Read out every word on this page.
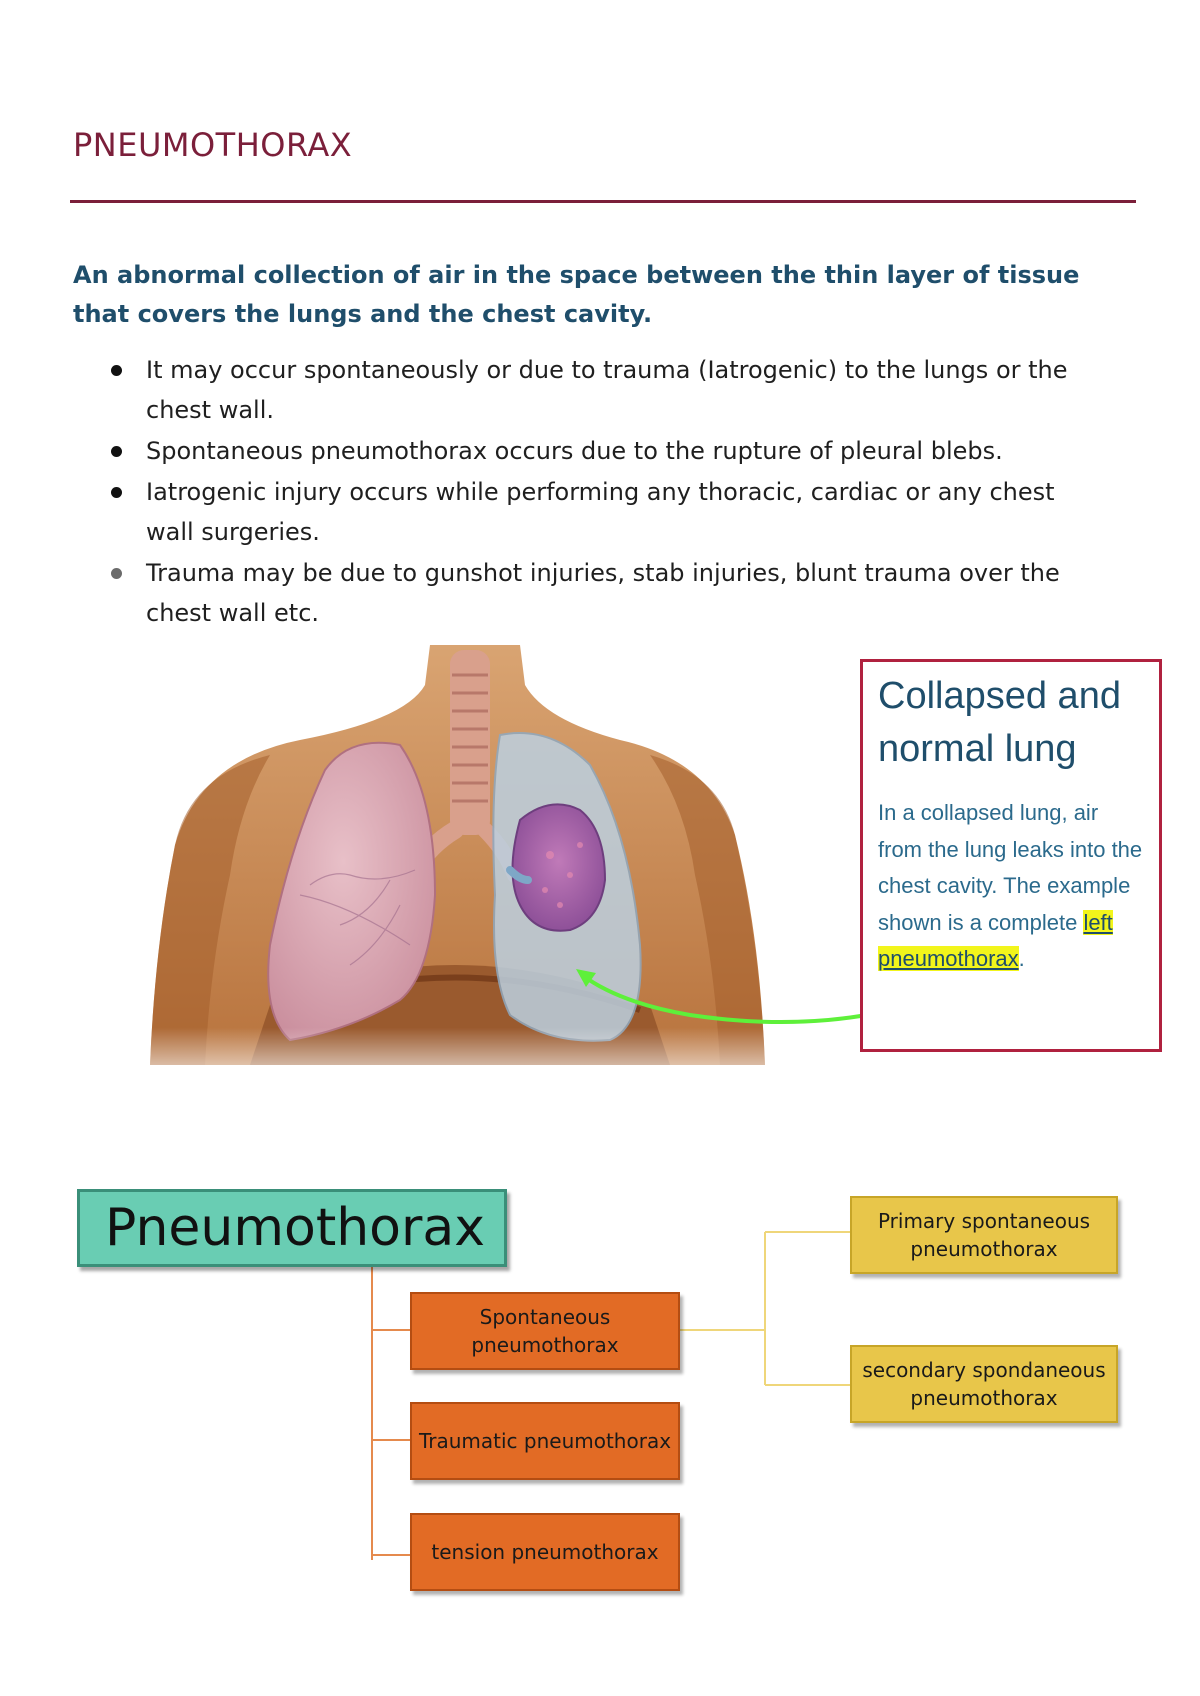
PNEUMOTHORAX

An abnormal collection of air in the space between the thin layer of tissue that covers the lungs and the chest cavity.

It may occur spontaneously or due to trauma (Iatrogenic) to the lungs or the chest wall.
Spontaneous pneumothorax occurs due to the rupture of pleural blebs.
Iatrogenic injury occurs while performing any thoracic, cardiac or any chest wall surgeries.
Trauma may be due to gunshot injuries, stab injuries, blunt trauma over the chest wall etc.
Collapsed and normal lung
In a collapsed lung, air from the lung leaks into the chest cavity. The example shown is a complete left pneumothorax.
Pneumothorax
Spontaneous pneumothorax
Traumatic pneumothorax
tension pneumothorax
Primary spontaneous pneumothorax
secondary spondaneous pneumothorax
